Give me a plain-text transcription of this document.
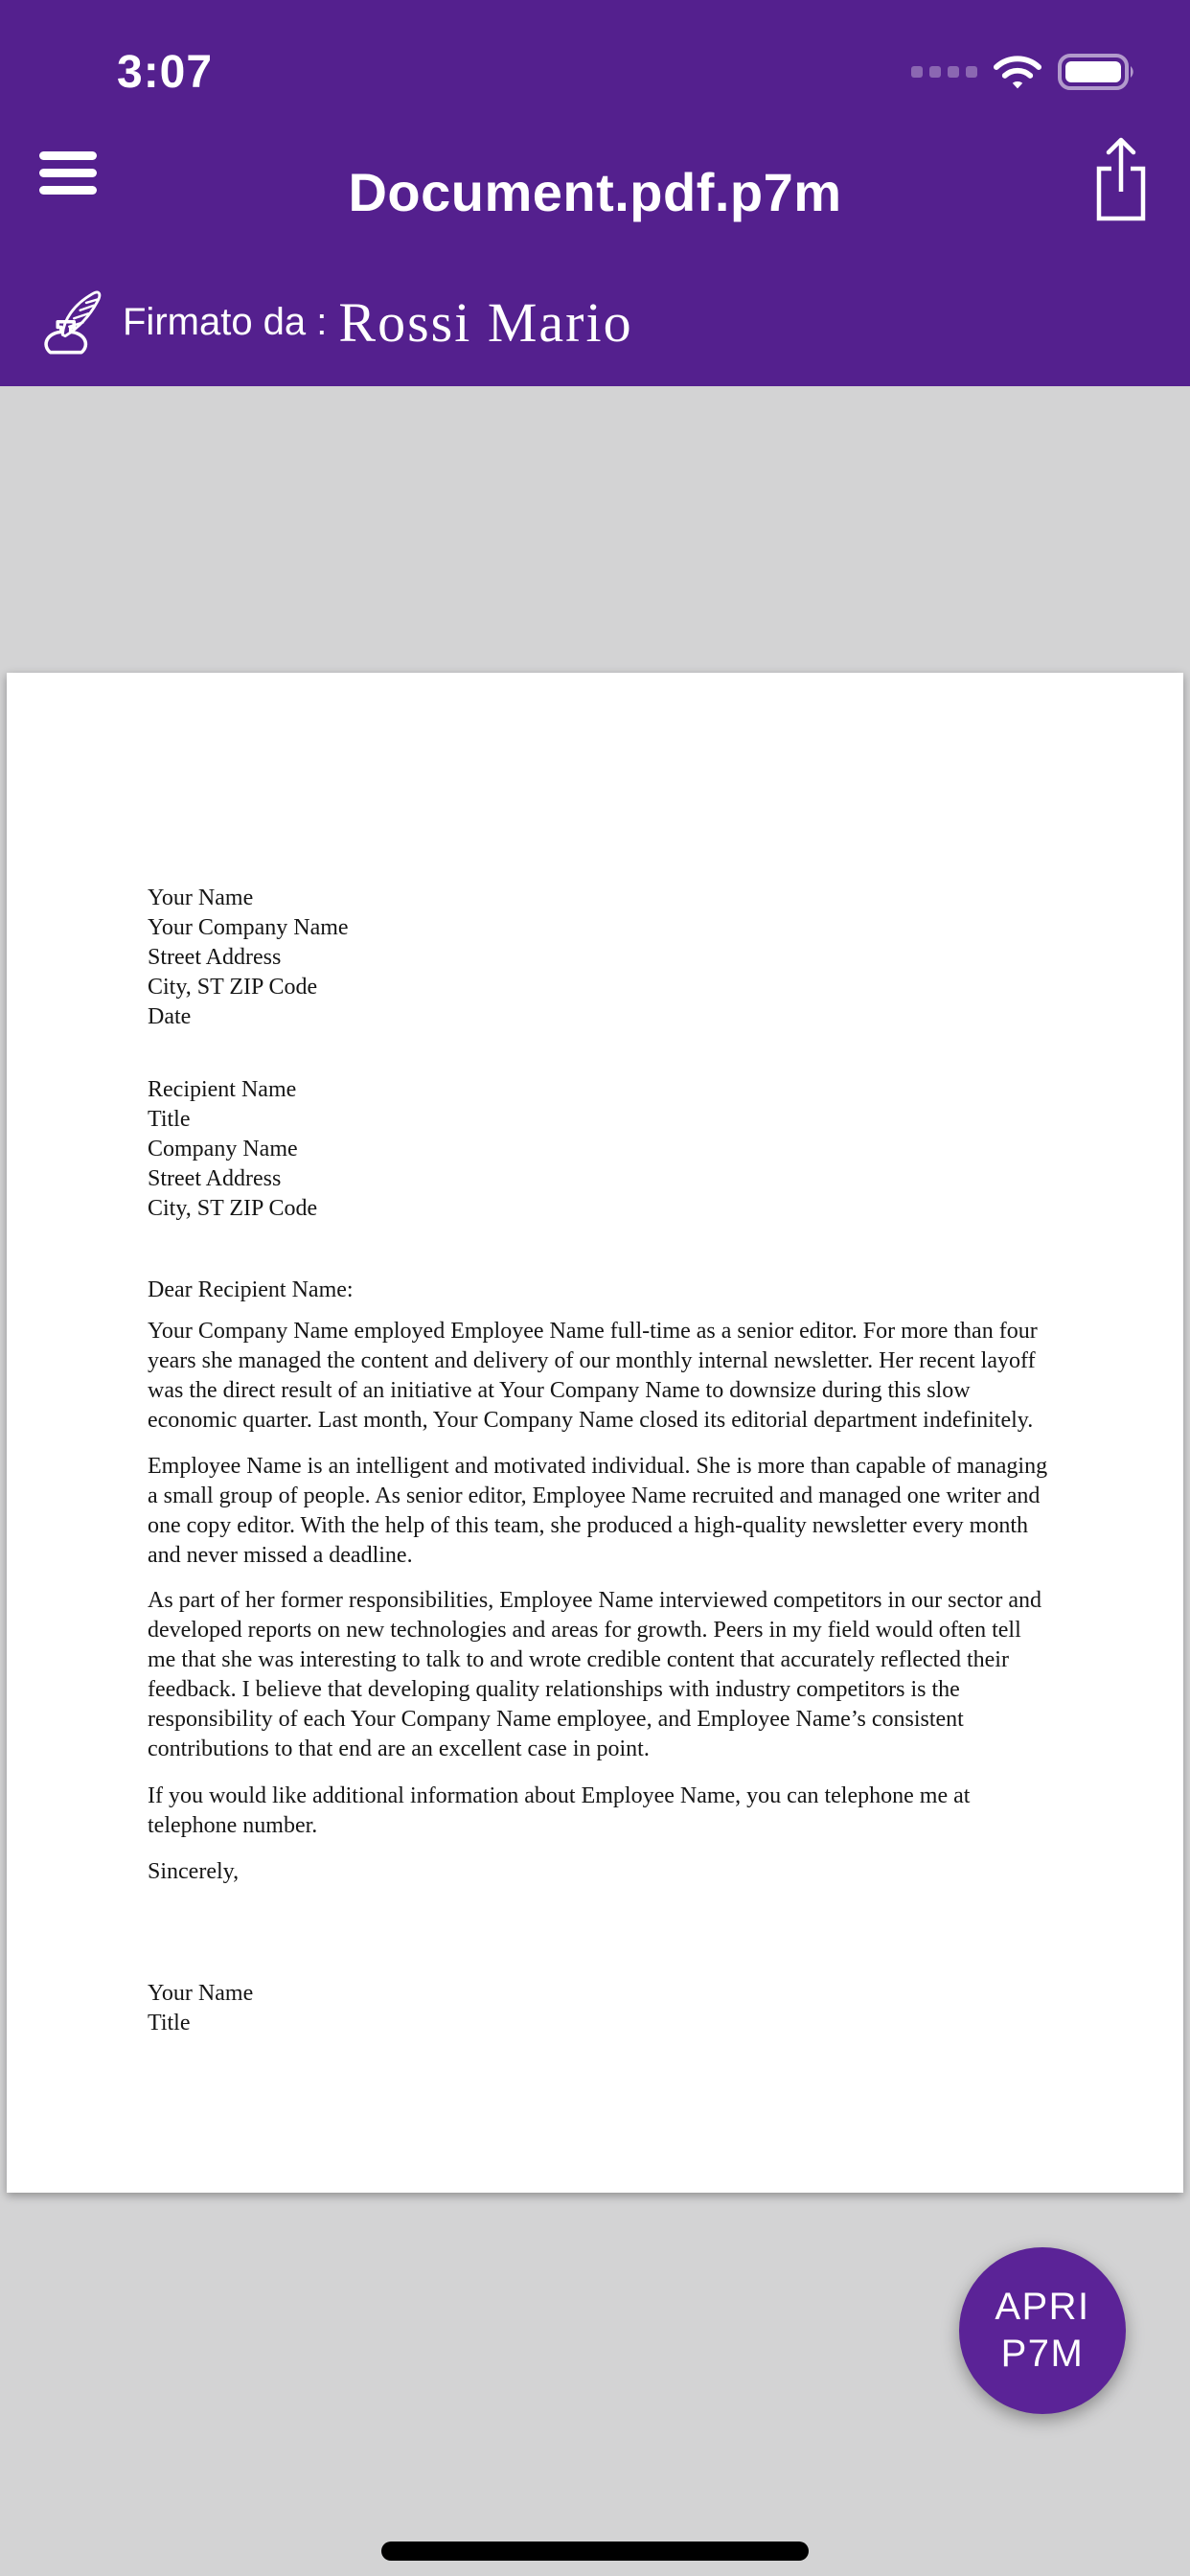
3:07
Document.pdf.p7m
Firmato da : Rossi Mario
Your Name
Your Company Name
Street Address
City, ST ZIP Code
Date
Recipient Name
Title
Company Name
Street Address
City, ST ZIP Code

Dear Recipient Name:

Your Company Name employed Employee Name full-time as a senior editor. For more than four years she managed the content and delivery of our monthly internal newsletter. Her recent layoff was the direct result of an initiative at Your Company Name to downsize during this slow economic quarter. Last month, Your Company Name closed its editorial department indefinitely.

Employee Name is an intelligent and motivated individual. She is more than capable of managing a small group of people. As senior editor, Employee Name recruited and managed one writer and one copy editor. With the help of this team, she produced a high-quality newsletter every month and never missed a deadline.

As part of her former responsibilities, Employee Name interviewed competitors in our sector and developed reports on new technologies and areas for growth. Peers in my field would often tell me that she was interesting to talk to and wrote credible content that accurately reflected their feedback. I believe that developing quality relationships with industry competitors is the responsibility of each Your Company Name employee, and Employee Name’s consistent contributions to that end are an excellent case in point.

If you would like additional information about Employee Name, you can telephone me at telephone number.

Sincerely,

Your Name
Title
APRI
P7M
